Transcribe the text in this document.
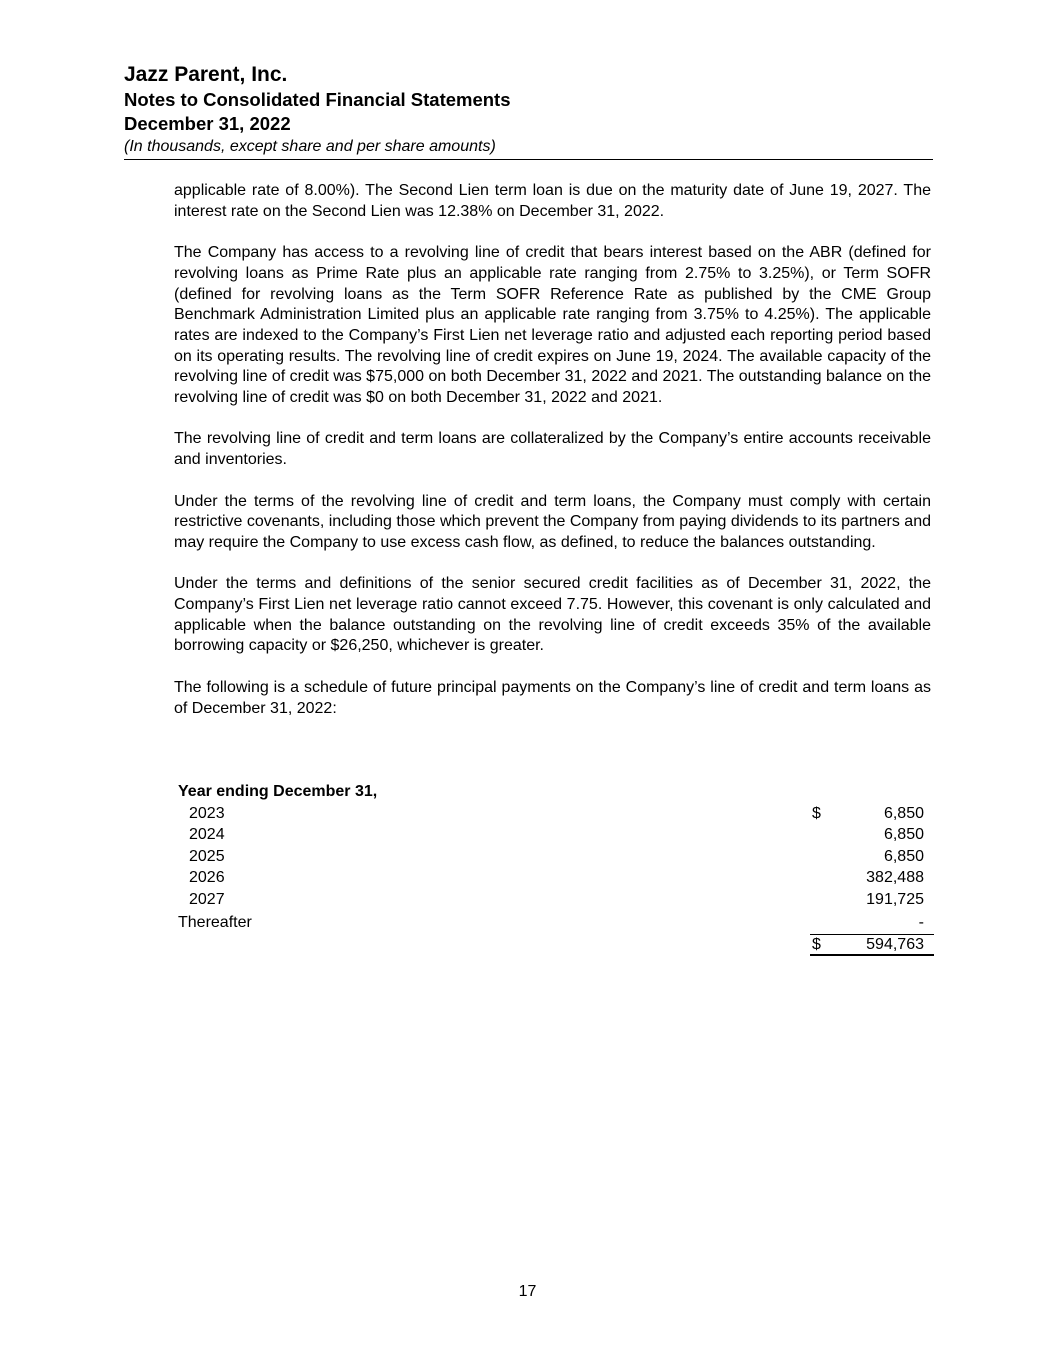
Jazz Parent, Inc.
Notes to Consolidated Financial Statements
December 31, 2022
(In thousands, except share and per share amounts)

applicable rate of 8.00%). The Second Lien term loan is due on the maturity date of June 19, 2027. The interest rate on the Second Lien was 12.38% on December 31, 2022.

The Company has access to a revolving line of credit that bears interest based on the ABR (defined for revolving loans as Prime Rate plus an applicable rate ranging from 2.75% to 3.25%), or Term SOFR (defined for revolving loans as the Term SOFR Reference Rate as published by the CME Group Benchmark Administration Limited plus an applicable rate ranging from 3.75% to 4.25%). The applicable rates are indexed to the Company’s First Lien net leverage ratio and adjusted each reporting period based on its operating results. The revolving line of credit expires on June 19, 2024. The available capacity of the revolving line of credit was $75,000 on both December 31, 2022 and 2021. The outstanding balance on the revolving line of credit was $0 on both December 31, 2022 and 2021.

The revolving line of credit and term loans are collateralized by the Company’s entire accounts receivable and inventories.

Under the terms of the revolving line of credit and term loans, the Company must comply with certain restrictive covenants, including those which prevent the Company from paying dividends to its partners and may require the Company to use excess cash flow, as defined, to reduce the balances outstanding.

Under the terms and definitions of the senior secured credit facilities as of December 31, 2022, the Company’s First Lien net leverage ratio cannot exceed 7.75. However, this covenant is only calculated and applicable when the balance outstanding on the revolving line of credit exceeds 35% of the available borrowing capacity or $26,250, whichever is greater.

The following is a schedule of future principal payments on the Company’s line of credit and term loans as of December 31, 2022:

Year ending December 31,
2023	$	6,850
2024	6,850
2025	6,850
2026	382,488
2027	191,725
Thereafter	-
$	594,763
17
